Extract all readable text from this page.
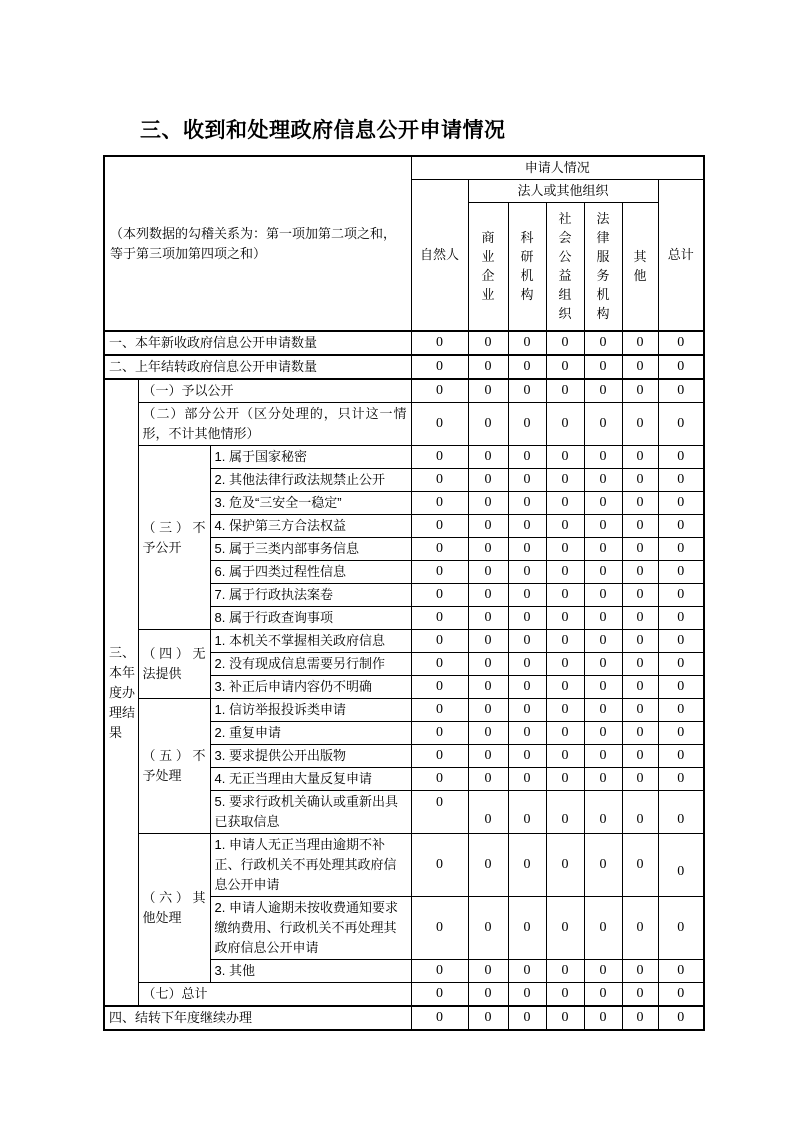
三、收到和处理政府信息公开申请情况
（本列数据的勾稽关系为：第一项加第二项之和，等于第三项加第四项之和）			申请人情况						
			自然人	法人或其他组织					总计
				商业企业	科研机构	社会公益组织	法律服务机构	其他	
一、本年新收政府信息公开申请数量			0	0	0	0	0	0	0
二、上年结转政府信息公开申请数量			0	0	0	0	0	0	0
三、本年度办理结果	（一）予以公开		0	0	0	0	0	0	0
	（二）部分公开（区分处理的，只计这一情形，不计其他情形）		0	0	0	0	0	0	0
	（三）不予公开	1. 属于国家秘密	0	0	0	0	0	0	0
		2. 其他法律行政法规禁止公开	0	0	0	0	0	0	0
		3. 危及“三安全一稳定”	0	0	0	0	0	0	0
		4. 保护第三方合法权益	0	0	0	0	0	0	0
		5. 属于三类内部事务信息	0	0	0	0	0	0	0
		6. 属于四类过程性信息	0	0	0	0	0	0	0
		7. 属于行政执法案卷	0	0	0	0	0	0	0
		8. 属于行政查询事项	0	0	0	0	0	0	0
	（四）无法提供	1. 本机关不掌握相关政府信息	0	0	0	0	0	0	0
		2. 没有现成信息需要另行制作	0	0	0	0	0	0	0
		3. 补正后申请内容仍不明确	0	0	0	0	0	0	0
	（五）不予处理	1. 信访举报投诉类申请	0	0	0	0	0	0	0
		2. 重复申请	0	0	0	0	0	0	0
		3. 要求提供公开出版物	0	0	0	0	0	0	0
		4. 无正当理由大量反复申请	0	0	0	0	0	0	0
		5. 要求行政机关确认或重新出具已获取信息	0	0	0	0	0	0	0
	（六）其他处理	1. 申请人无正当理由逾期不补正、行政机关不再处理其政府信息公开申请	0	0	0	0	0	0	0
		2. 申请人逾期未按收费通知要求缴纳费用、行政机关不再处理其政府信息公开申请	0	0	0	0	0	0	0
		3. 其他	0	0	0	0	0	0	0
	（七）总计		0	0	0	0	0	0	0
四、结转下年度继续办理			0	0	0	0	0	0	0
